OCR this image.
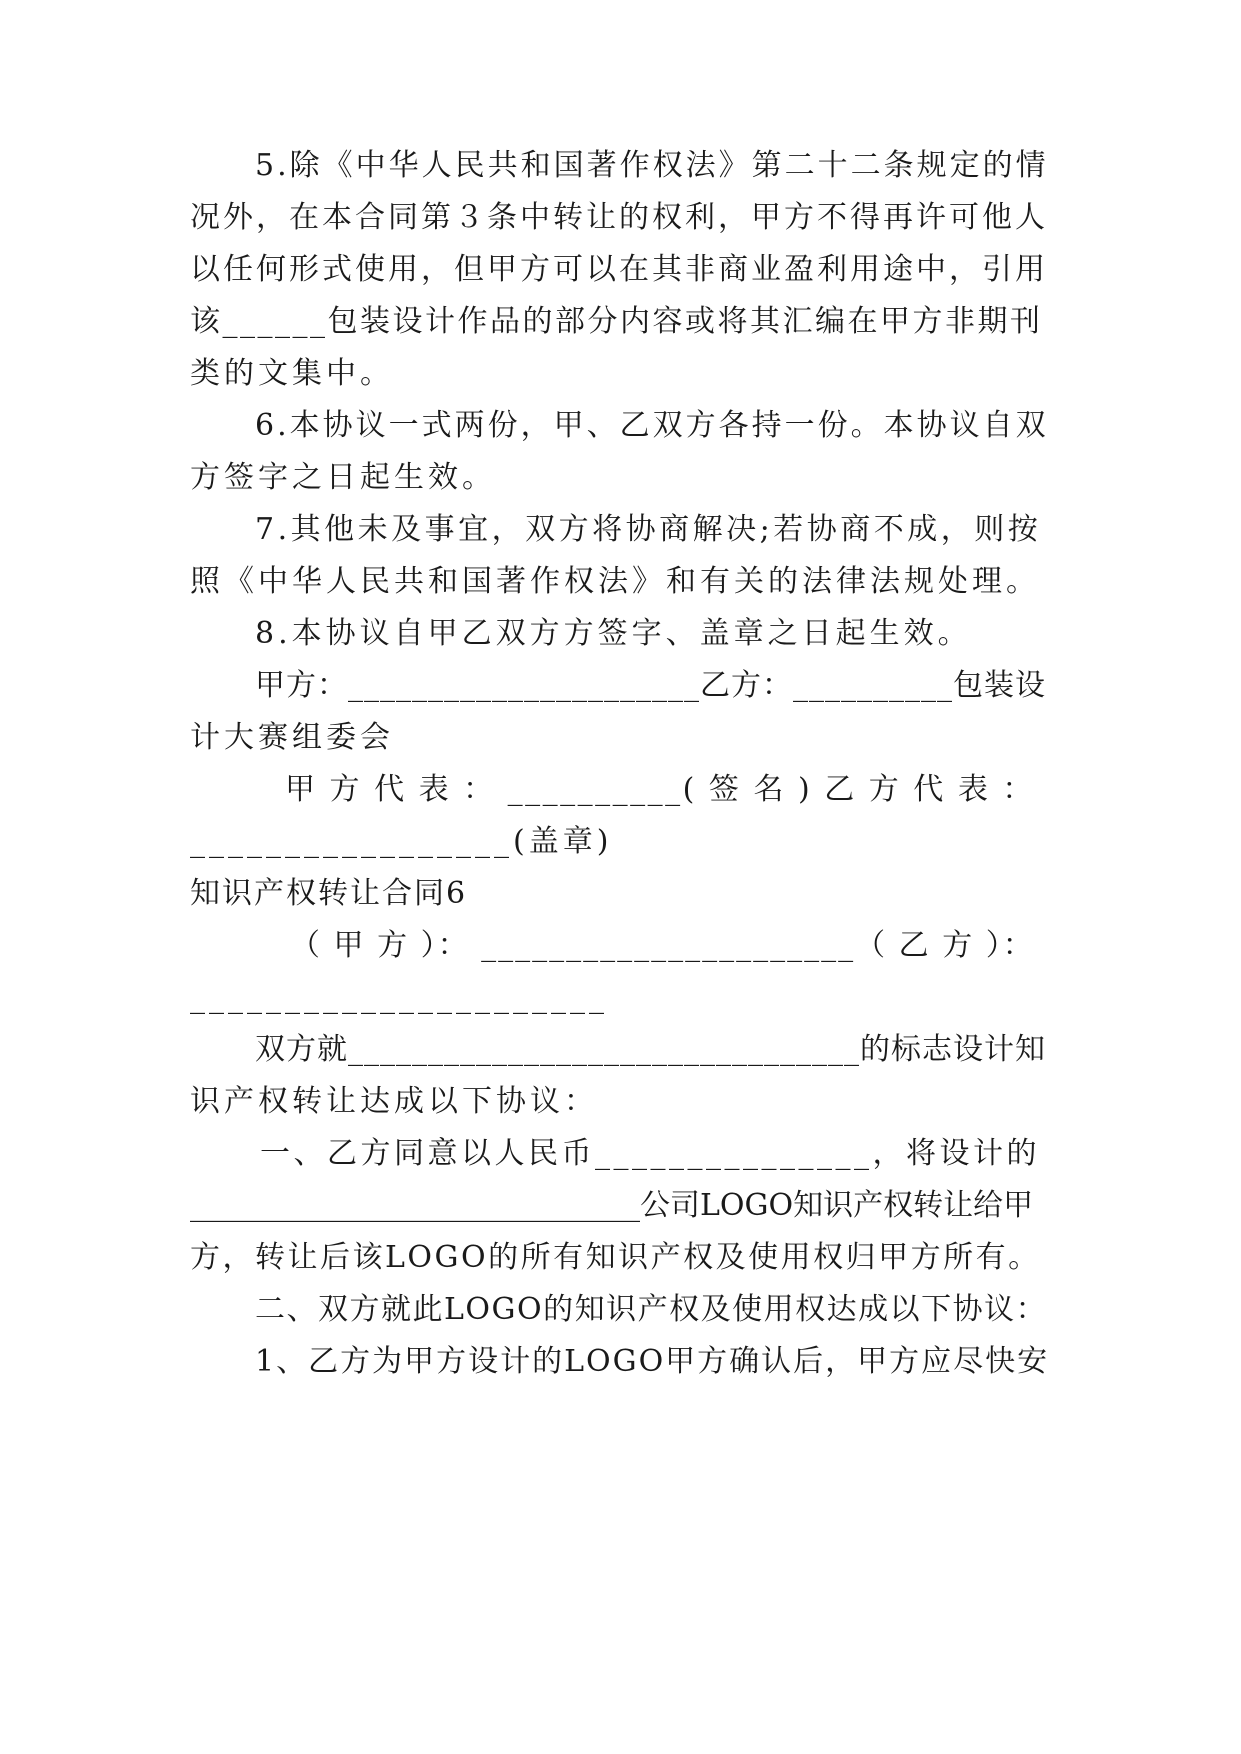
5.除《中华人民共和国著作权法》第二十二条规定的情
况外，在本合同第３条中转让的权利，甲方不得再许可他人
以任何形式使用，但甲方可以在其非商业盈利用途中，引用
该______包装设计作品的部分内容或将其汇编在甲方非期刊
类的文集中。
6.本协议一式两份，甲、乙双方各持一份。本协议自双
方签字之日起生效。
7.其他未及事宜，双方将协商解决;若协商不成，则按
照《中华人民共和国著作权法》和有关的法律法规处理。
8.本协议自甲乙双方方签字、盖章之日起生效。
甲方：______________________乙方：__________包装设
计大赛组委会
甲 方 代 表 ： __________( 签 名 ) 乙 方 代 表 ：
_________________(盖章)
知识产权转让合同6
（ 甲 方 ）： ______________________（ 乙 方 ）：
______________________
双方就________________________________的标志设计知
识产权转让达成以下协议：
一、乙方同意以人民币_______________，将设计的
______________________________公司LOGO知识产权转让给甲
方，转让后该LOGO的所有知识产权及使用权归甲方所有。
二、双方就此LOGO的知识产权及使用权达成以下协议：
1、乙方为甲方设计的LOGO甲方确认后，甲方应尽快安
